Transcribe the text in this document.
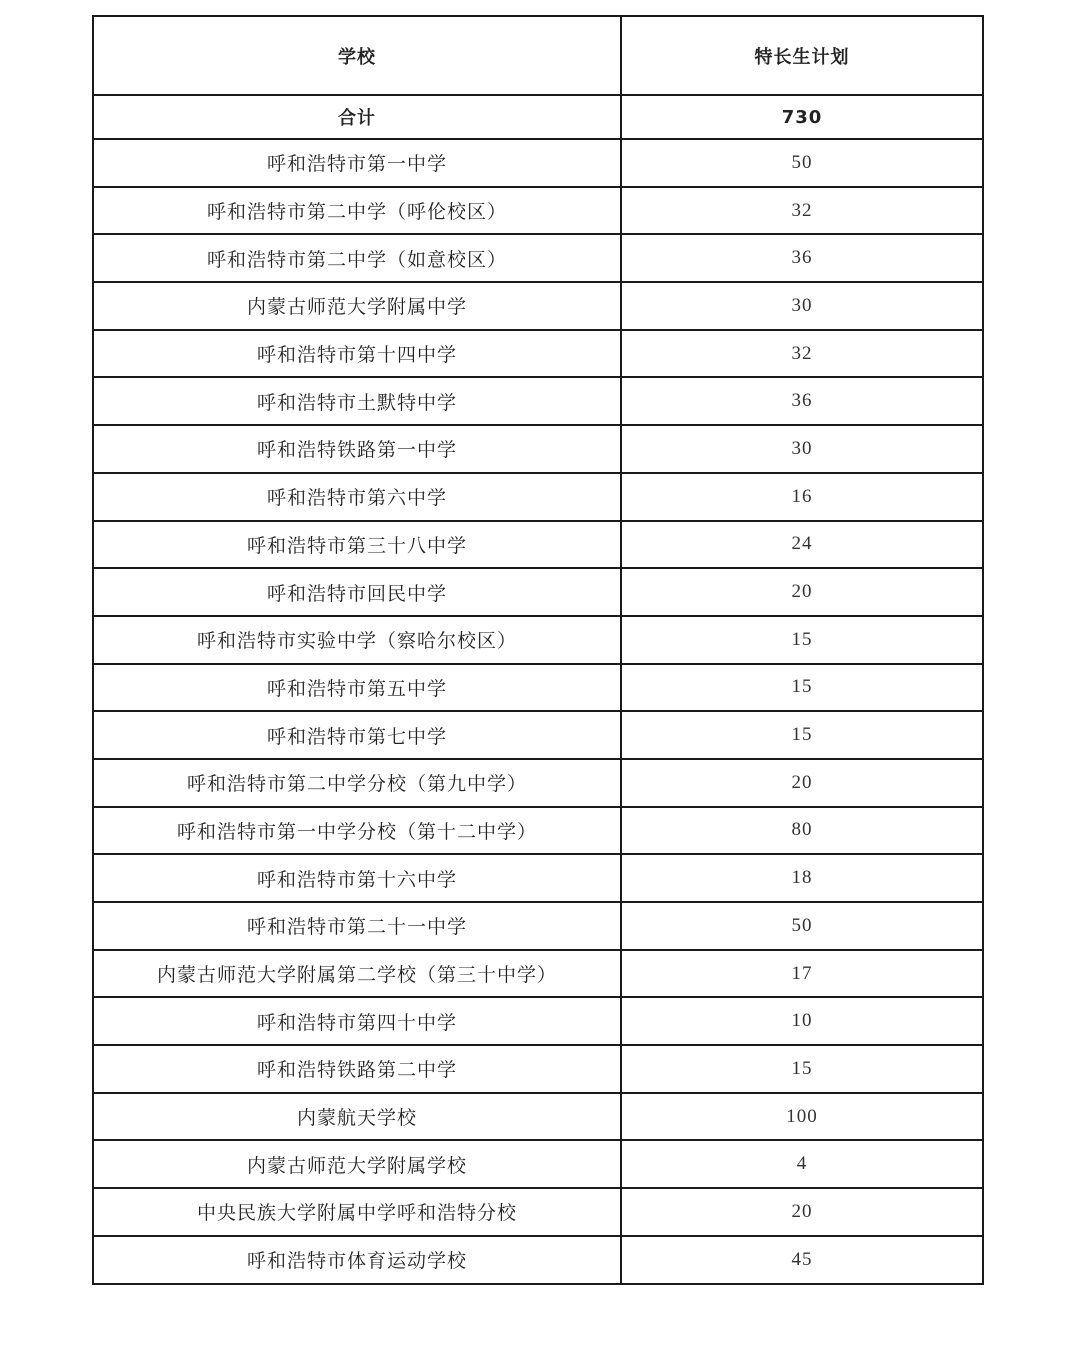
学校	特长生计划
合计	730
呼和浩特市第一中学	50
呼和浩特市第二中学（呼伦校区）	32
呼和浩特市第二中学（如意校区）	36
内蒙古师范大学附属中学	30
呼和浩特市第十四中学	32
呼和浩特市土默特中学	36
呼和浩特铁路第一中学	30
呼和浩特市第六中学	16
呼和浩特市第三十八中学	24
呼和浩特市回民中学	20
呼和浩特市实验中学（察哈尔校区）	15
呼和浩特市第五中学	15
呼和浩特市第七中学	15
呼和浩特市第二中学分校（第九中学）	20
呼和浩特市第一中学分校（第十二中学）	80
呼和浩特市第十六中学	18
呼和浩特市第二十一中学	50
内蒙古师范大学附属第二学校（第三十中学）	17
呼和浩特市第四十中学	10
呼和浩特铁路第二中学	15
内蒙航天学校	100
内蒙古师范大学附属学校	4
中央民族大学附属中学呼和浩特分校	20
呼和浩特市体育运动学校	45
